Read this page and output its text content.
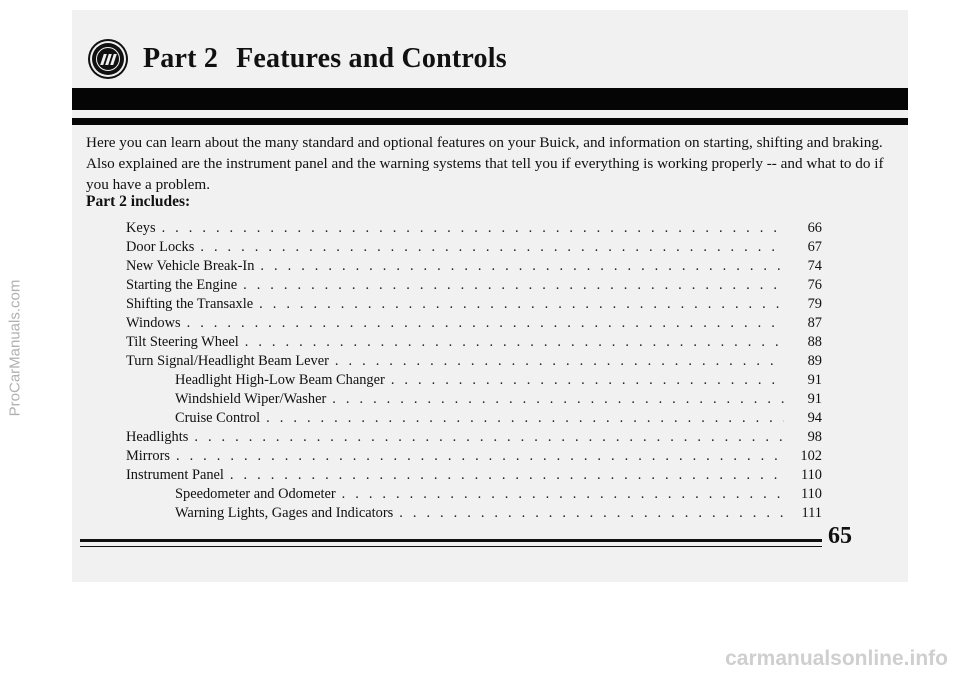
Part 2 Features and Controls

Here you can learn about the many standard and optional features on your Buick, and information on starting, shifting and braking. Also explained are the instrument panel and the warning systems that tell you if everything is working properly -- and what to do if you have a problem.

Part 2 includes:
Keys . . .	66
Door Locks . . .	67
New Vehicle Break-In . . .	74
Starting the Engine . . .	76
Shifting the Transaxle . . .	79
Windows . . .	87
Tilt Steering Wheel . . .	88
Turn Signal/Headlight Beam Lever . . .	89
Headlight High-Low Beam Changer . . .	91
Windshield Wiper/Washer . . .	91
Cruise Control . . .	94
Headlights . . .	98
Mirrors . . .	102
Instrument Panel . . .	110
Speedometer and Odometer . . .	110
Warning Lights, Gages and Indicators . . .	111
65
ProCarManuals.com
carmanualsonline.info
